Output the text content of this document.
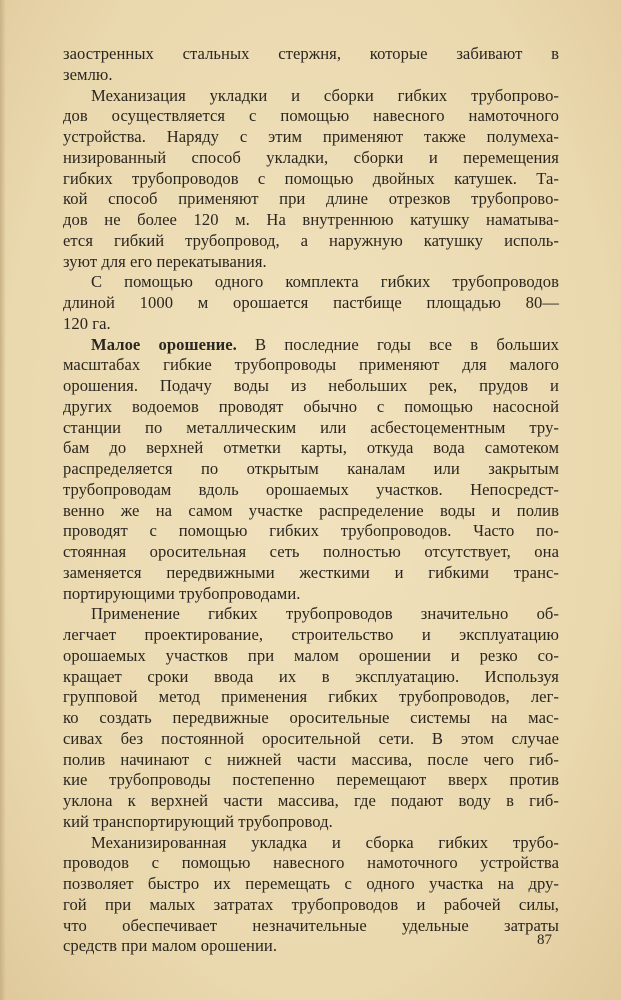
заостренных стальных стержня, которые забивают в
землю.
Механизация укладки и сборки гибких трубопрово-
дов осуществляется с помощью навесного намоточного
устройства. Наряду с этим применяют также полумеха-
низированный способ укладки, сборки и перемещения
гибких трубопроводов с помощью двойных катушек. Та-
кой способ применяют при длине отрезков трубопрово-
дов не более 120 м. На внутреннюю катушку наматыва-
ется гибкий трубопровод, а наружную катушку исполь-
зуют для его перекатывания.
С помощью одного комплекта гибких трубопроводов
длиной 1000 м орошается пастбище площадью 80—
120 га.
Малое орошение. В последние годы все в больших
масштабах гибкие трубопроводы применяют для малого
орошения. Подачу воды из небольших рек, прудов и
других водоемов проводят обычно с помощью насосной
станции по металлическим или асбестоцементным тру-
бам до верхней отметки карты, откуда вода самотеком
распределяется по открытым каналам или закрытым
трубопроводам вдоль орошаемых участков. Непосредст-
венно же на самом участке распределение воды и полив
проводят с помощью гибких трубопроводов. Часто по-
стоянная оросительная сеть полностью отсутствует, она
заменяется передвижными жесткими и гибкими транс-
портирующими трубопроводами.
Применение гибких трубопроводов значительно об-
легчает проектирование, строительство и эксплуатацию
орошаемых участков при малом орошении и резко со-
кращает сроки ввода их в эксплуатацию. Используя
групповой метод применения гибких трубопроводов, лег-
ко создать передвижные оросительные системы на мас-
сивах без постоянной оросительной сети. В этом случае
полив начинают с нижней части массива, после чего гиб-
кие трубопроводы постепенно перемещают вверх против
уклона к верхней части массива, где подают воду в гиб-
кий транспортирующий трубопровод.
Механизированная укладка и сборка гибких трубо-
проводов с помощью навесного намоточного устройства
позволяет быстро их перемещать с одного участка на дру-
гой при малых затратах трубопроводов и рабочей силы,
что обеспечивает незначительные удельные затраты
средств при малом орошении.	87
